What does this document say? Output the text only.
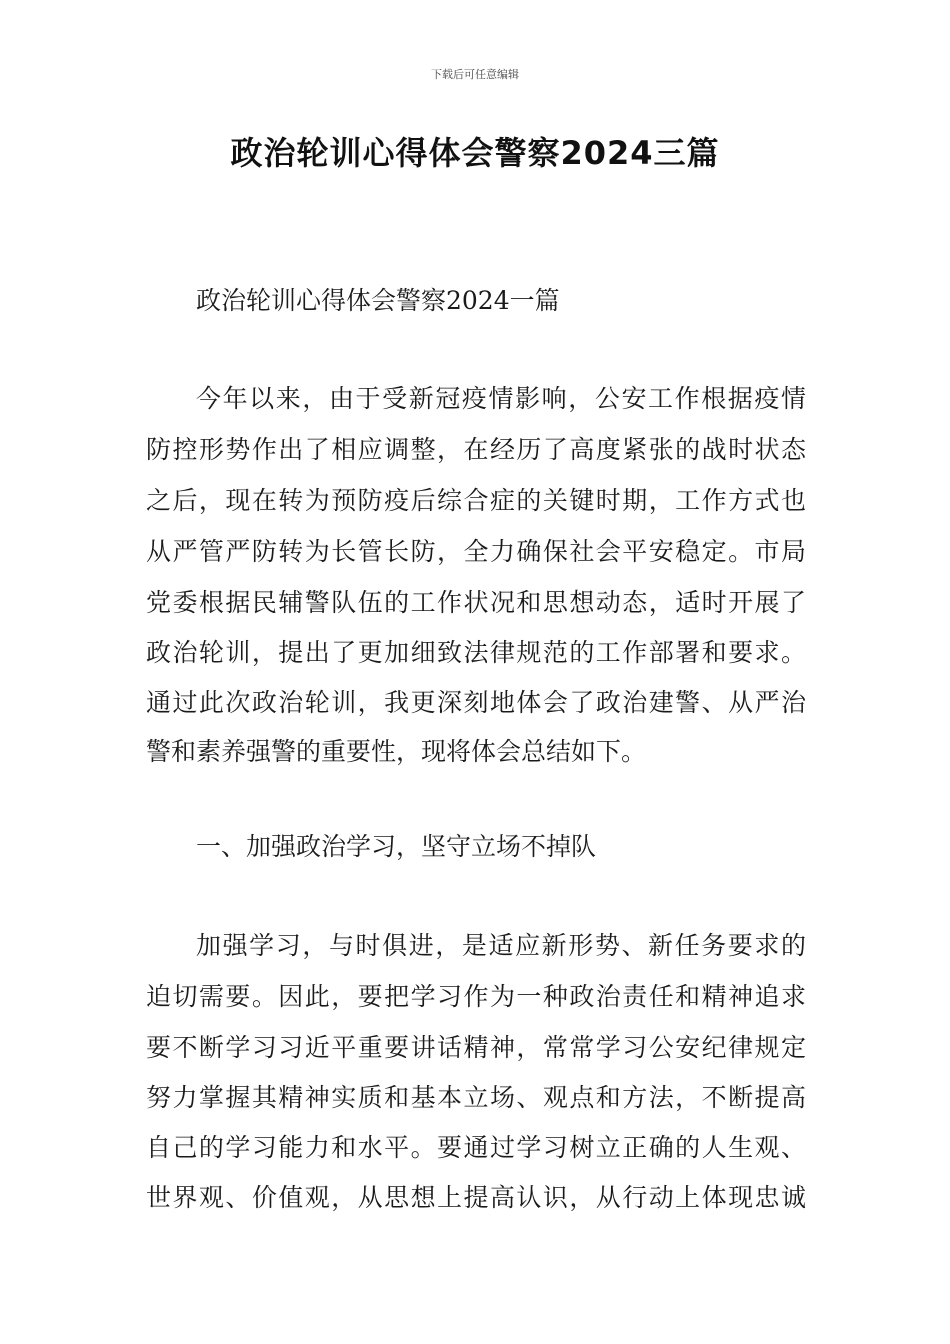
下载后可任意编辑
政治轮训心得体会警察2024三篇
政治轮训心得体会警察2024一篇
今年以来，由于受新冠疫情影响，公安工作根据疫情
防控形势作出了相应调整，在经历了高度紧张的战时状态
之后，现在转为预防疫后综合症的关键时期，工作方式也
从严管严防转为长管长防，全力确保社会平安稳定。市局
党委根据民辅警队伍的工作状况和思想动态，适时开展了
政治轮训，提出了更加细致法律规范的工作部署和要求。
通过此次政治轮训，我更深刻地体会了政治建警、从严治
警和素养强警的重要性，现将体会总结如下。
一、加强政治学习，坚守立场不掉队
加强学习，与时俱进，是适应新形势、新任务要求的
迫切需要。因此，要把学习作为一种政治责任和精神追求
要不断学习习近平重要讲话精神，常常学习公安纪律规定
努力掌握其精神实质和基本立场、观点和方法，不断提高
自己的学习能力和水平。要通过学习树立正确的人生观、
世界观、价值观，从思想上提高认识，从行动上体现忠诚
